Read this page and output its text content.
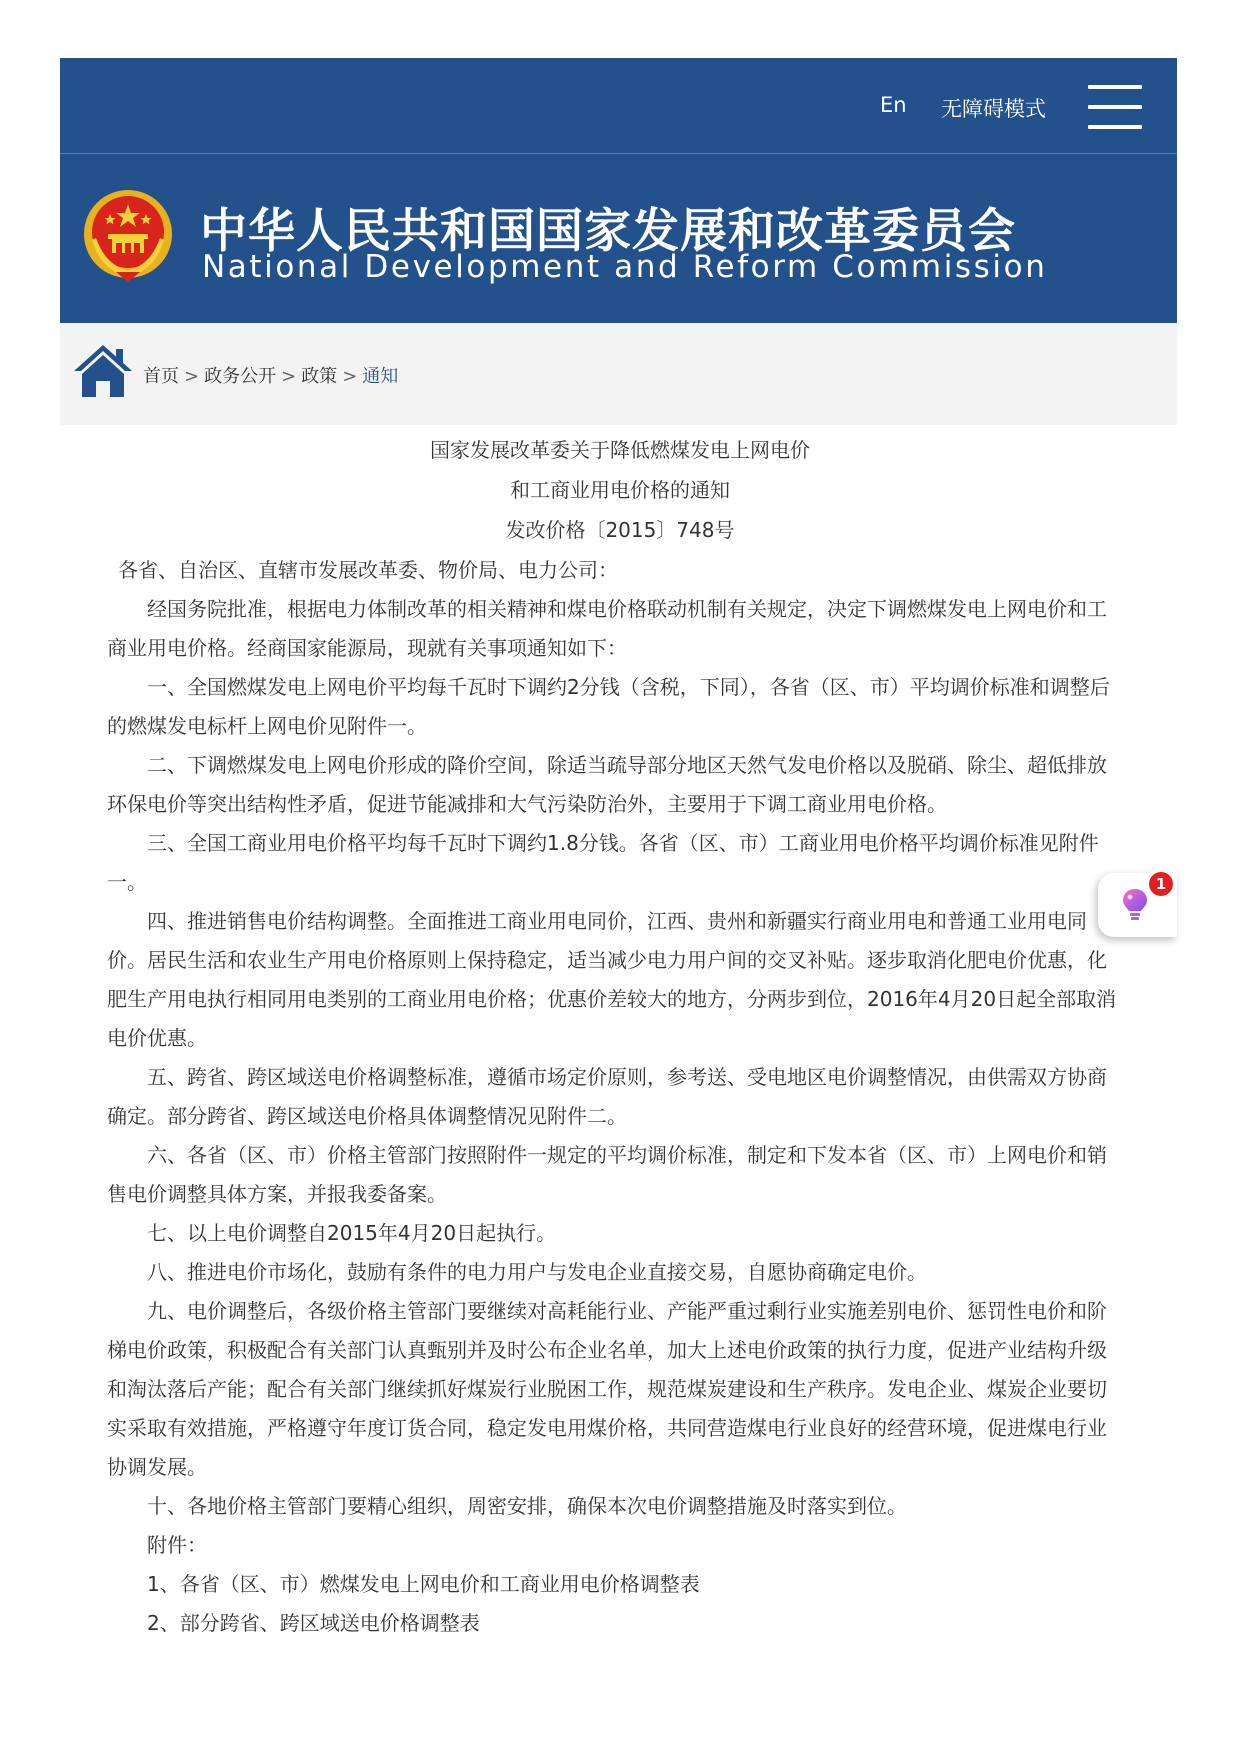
En 无障碍模式
中华人民共和国国家发展和改革委员会
National Development and Reform Commission
首页 > 政务公开 > 政策 > 通知
国家发展改革委关于降低燃煤发电上网电价
和工商业用电价格的通知
发改价格〔2015〕748号
各省、自治区、直辖市发展改革委、物价局、电力公司：

经国务院批准，根据电力体制改革的相关精神和煤电价格联动机制有关规定，决定下调燃煤发电上网电价和工商业用电价格。经商国家能源局，现就有关事项通知如下：

一、全国燃煤发电上网电价平均每千瓦时下调约2分钱（含税，下同），各省（区、市）平均调价标准和调整后的燃煤发电标杆上网电价见附件一。

二、下调燃煤发电上网电价形成的降价空间，除适当疏导部分地区天然气发电价格以及脱硝、除尘、超低排放环保电价等突出结构性矛盾，促进节能减排和大气污染防治外，主要用于下调工商业用电价格。

三、全国工商业用电价格平均每千瓦时下调约1.8分钱。各省（区、市）工商业用电价格平均调价标准见附件一。

四、推进销售电价结构调整。全面推进工商业用电同价，江西、贵州和新疆实行商业用电和普通工业用电同价。居民生活和农业生产用电价格原则上保持稳定，适当减少电力用户间的交叉补贴。逐步取消化肥电价优惠，化肥生产用电执行相同用电类别的工商业用电价格；优惠价差较大的地方，分两步到位，2016年4月20日起全部取消电价优惠。

五、跨省、跨区域送电价格调整标准，遵循市场定价原则，参考送、受电地区电价调整情况，由供需双方协商确定。部分跨省、跨区域送电价格具体调整情况见附件二。

六、各省（区、市）价格主管部门按照附件一规定的平均调价标准，制定和下发本省（区、市）上网电价和销售电价调整具体方案，并报我委备案。

七、以上电价调整自2015年4月20日起执行。

八、推进电价市场化，鼓励有条件的电力用户与发电企业直接交易，自愿协商确定电价。

九、电价调整后，各级价格主管部门要继续对高耗能行业、产能严重过剩行业实施差别电价、惩罚性电价和阶梯电价政策，积极配合有关部门认真甄别并及时公布企业名单，加大上述电价政策的执行力度，促进产业结构升级和淘汰落后产能；配合有关部门继续抓好煤炭行业脱困工作，规范煤炭建设和生产秩序。发电企业、煤炭企业要切实采取有效措施，严格遵守年度订货合同，稳定发电用煤价格，共同营造煤电行业良好的经营环境，促进煤电行业协调发展。

十、各地价格主管部门要精心组织，周密安排，确保本次电价调整措施及时落实到位。

附件：

1、各省（区、市）燃煤发电上网电价和工商业用电价格调整表

2、部分跨省、跨区域送电价格调整表

1
